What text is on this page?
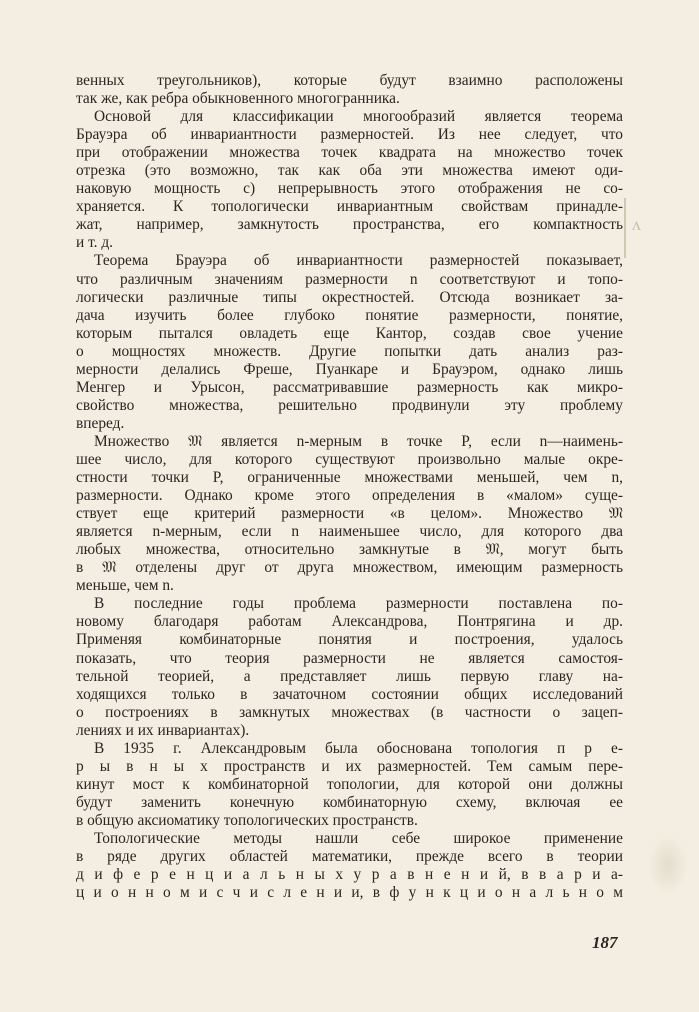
венных треугольников), которые будут взаимно расположены
так же, как ребра обыкновенного многогранника.
Основой для классификации многообразий является теорема
Брауэра об инвариантности размерностей. Из нее следует, что
при отображении множества точек квадрата на множество точек
отрезка (это возможно, так как оба эти множества имеют оди-
наковую мощность с) непрерывность этого отображения не со-
храняется. К топологически инвариантным свойствам принадле-
жат, например, замкнутость пространства, его компактность
и т. д.
Теорема Брауэра об инвариантности размерностей показывает,
что различным значениям размерности n соответствуют и топо-
логически различные типы окрестностей. Отсюда возникает за-
дача изучить более глубоко понятие размерности, понятие,
которым пытался овладеть еще Кантор, создав свое учение
о мощностях множеств. Другие попытки дать анализ раз-
мерности делались Фреше, Пуанкаре и Брауэром, однако лишь
Менгер и Урысон, рассматривавшие размерность как микро-
свойство множества, решительно продвинули эту проблему
вперед.
Множество 𝔐 является n-мерным в точке P, если n—наимень-
шее число, для которого существуют произвольно малые окре-
стности точки P, ограниченные множествами меньшей, чем n,
размерности. Однако кроме этого определения в «малом» суще-
ствует еще критерий размерности «в целом». Множество 𝔐
является n-мерным, если n наименьшее число, для которого два
любых множества, относительно замкнутые в 𝔐, могут быть
в 𝔐 отделены друг от друга множеством, имеющим размерность
меньше, чем n.
В последние годы проблема размерности поставлена по-
новому благодаря работам Александрова, Понтрягина и др.
Применяя комбинаторные понятия и построения, удалось
показать, что теория размерности не является самостоя-
тельной теорией, а представляет лишь первую главу на-
ходящихся только в зачаточном состоянии общих исследований
о построениях в замкнутых множествах (в частности о зацеп-
лениях и их инвариантах).
В 1935 г. Александровым была обоснована топология п р е-
р ы в н ы х пространств и их размерностей. Тем самым пере-
кинут мост к комбинаторной топологии, для которой они должны
будут заменить конечную комбинаторную схему, включая ее
в общую аксиоматику топологических пространств.
Топологические методы нашли себе широкое применение
в ряде других областей математики, прежде всего в теории
д и ф е р е н ц и а л ь н ы х у р а в н е н и й, в в а р и а-
ц и о н н о м и с ч и с л е н и и, в ф у н к ц и о н а л ь н о м
ʌ
187
